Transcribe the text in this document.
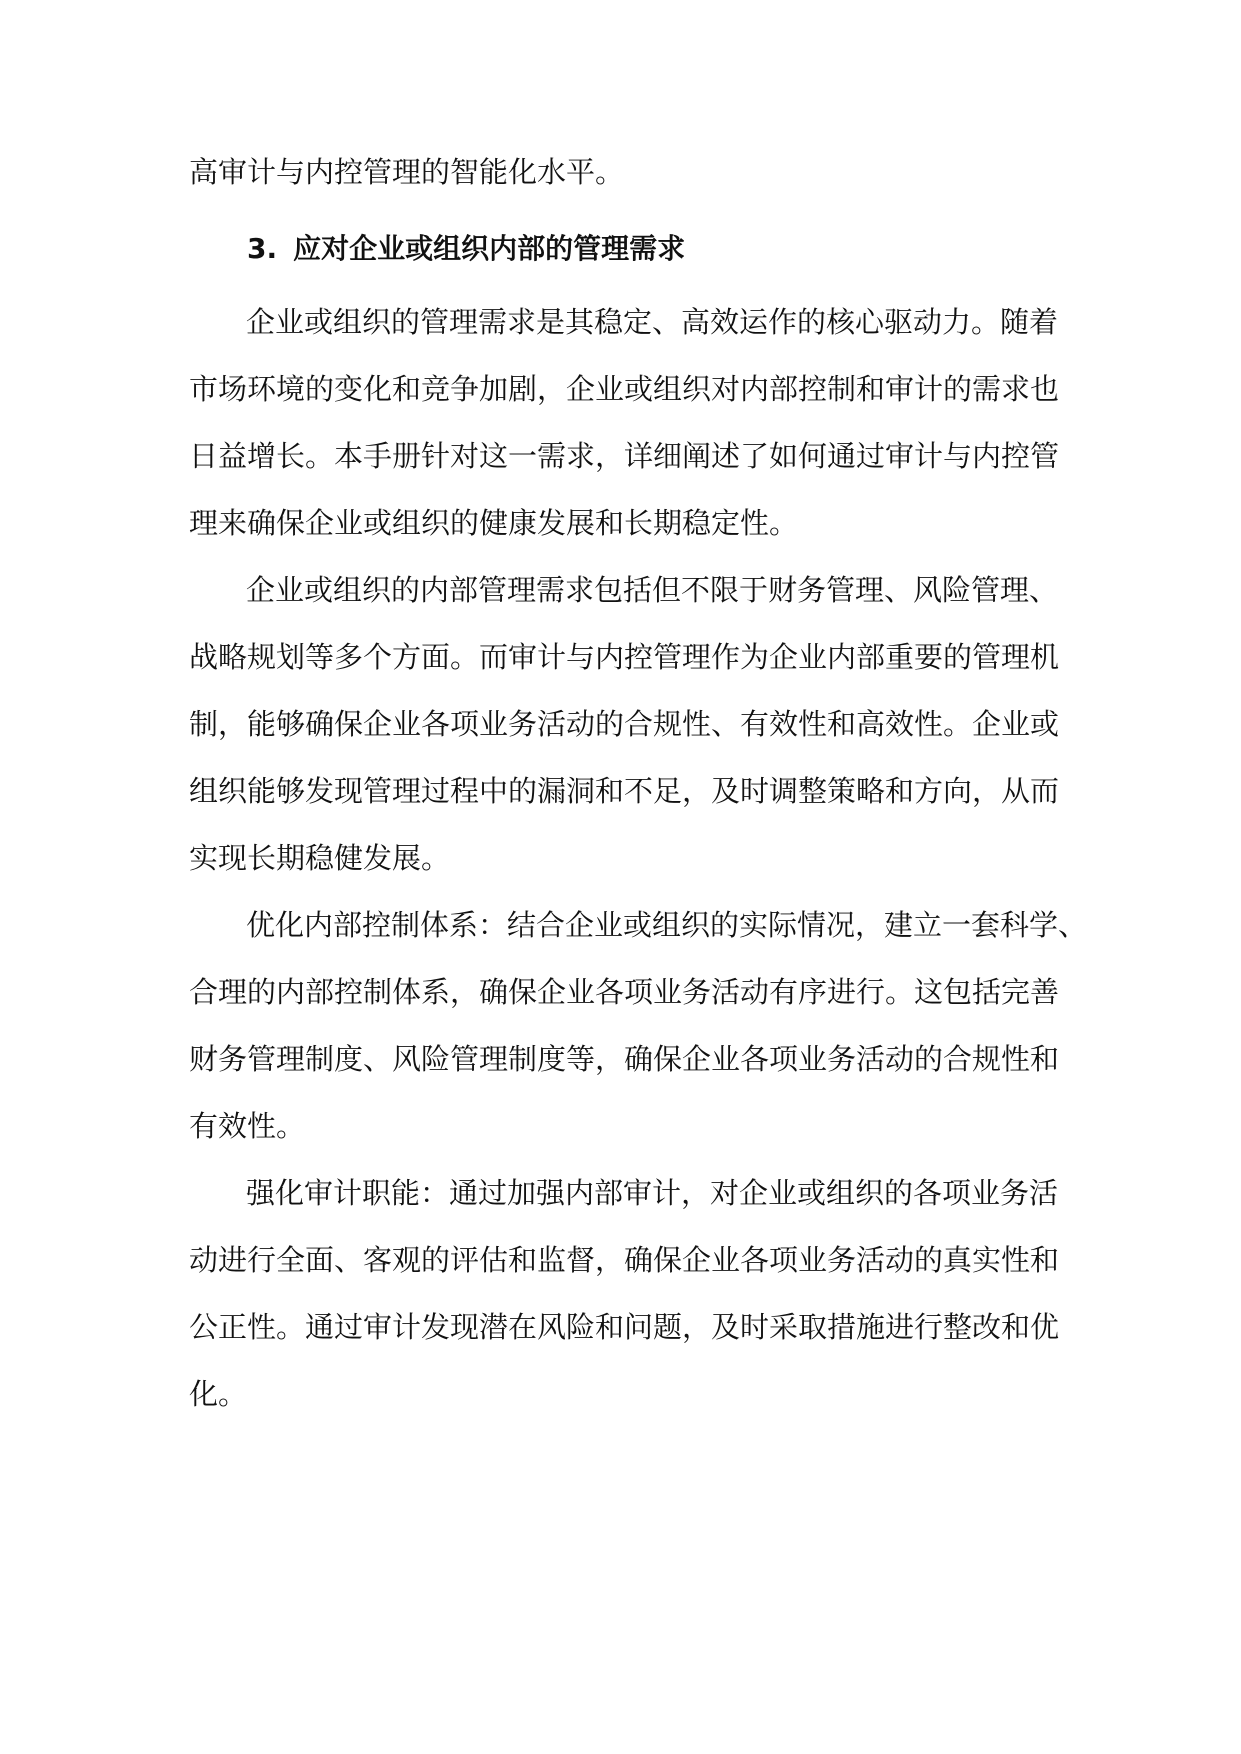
高审计与内控管理的智能化水平。

3. 应对企业或组织内部的管理需求

企业或组织的管理需求是其稳定、高效运作的核心驱动力。随着

市场环境的变化和竞争加剧，企业或组织对内部控制和审计的需求也

日益增长。本手册针对这一需求，详细阐述了如何通过审计与内控管

理来确保企业或组织的健康发展和长期稳定性。

企业或组织的内部管理需求包括但不限于财务管理、风险管理、

战略规划等多个方面。而审计与内控管理作为企业内部重要的管理机

制，能够确保企业各项业务活动的合规性、有效性和高效性。企业或

组织能够发现管理过程中的漏洞和不足，及时调整策略和方向，从而

实现长期稳健发展。

优化内部控制体系：结合企业或组织的实际情况，建立一套科学、

合理的内部控制体系，确保企业各项业务活动有序进行。这包括完善

财务管理制度、风险管理制度等，确保企业各项业务活动的合规性和

有效性。

强化审计职能：通过加强内部审计，对企业或组织的各项业务活

动进行全面、客观的评估和监督，确保企业各项业务活动的真实性和

公正性。通过审计发现潜在风险和问题，及时采取措施进行整改和优

化。
